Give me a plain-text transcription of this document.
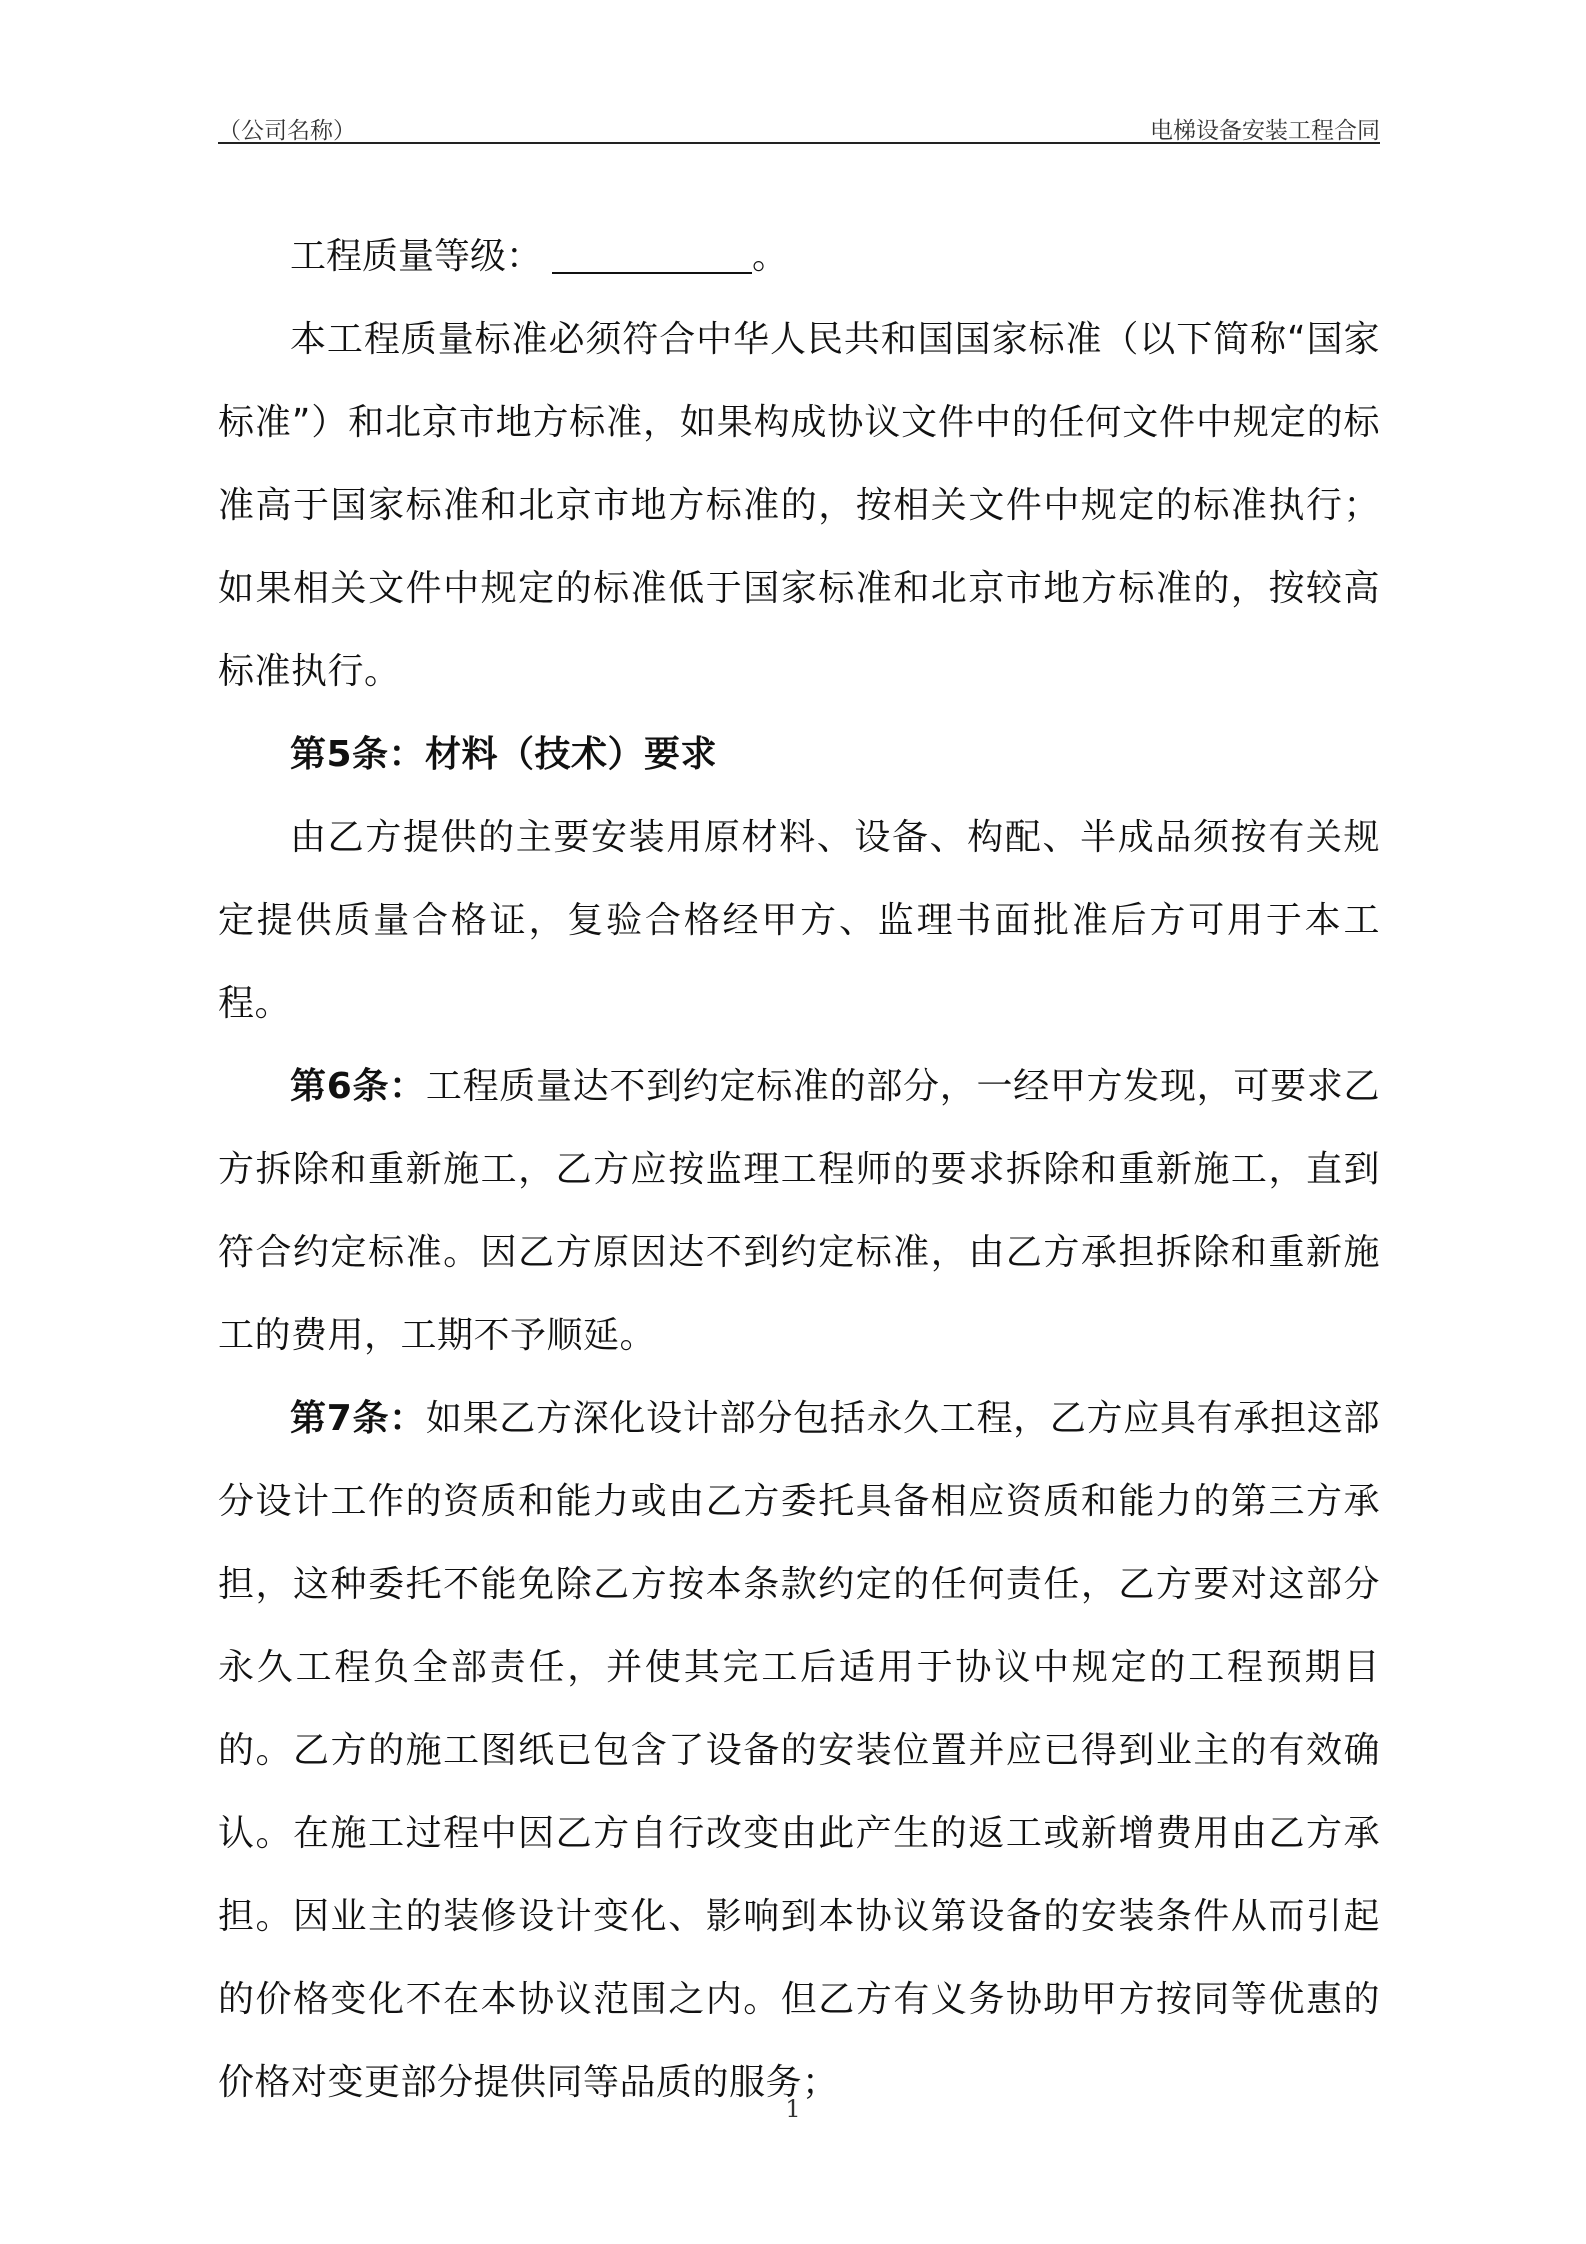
（公司名称）	电梯设备安装工程合同

工程质量等级：	。

本工程质量标准必须符合中华人民共和国国家标准（以下简称“国家标准”）和北京市地方标准，如果构成协议文件中的任何文件中规定的标准高于国家标准和北京市地方标准的，按相关文件中规定的标准执行；如果相关文件中规定的标准低于国家标准和北京市地方标准的，按较高标准执行。

第5条：材料（技术）要求

由乙方提供的主要安装用原材料、设备、构配、半成品须按有关规定提供质量合格证，复验合格经甲方、监理书面批准后方可用于本工程。

第6条：工程质量达不到约定标准的部分，一经甲方发现，可要求乙方拆除和重新施工，乙方应按监理工程师的要求拆除和重新施工，直到符合约定标准。因乙方原因达不到约定标准，由乙方承担拆除和重新施工的费用，工期不予顺延。

第7条：如果乙方深化设计部分包括永久工程，乙方应具有承担这部分设计工作的资质和能力或由乙方委托具备相应资质和能力的第三方承担，这种委托不能免除乙方按本条款约定的任何责任，乙方要对这部分永久工程负全部责任，并使其完工后适用于协议中规定的工程预期目的。乙方的施工图纸已包含了设备的安装位置并应已得到业主的有效确认。在施工过程中因乙方自行改变由此产生的返工或新增费用由乙方承担。因业主的装修设计变化、影响到本协议第设备的安装条件从而引起的价格变化不在本协议范围之内。但乙方有义务协助甲方按同等优惠的价格对变更部分提供同等品质的服务；

1
